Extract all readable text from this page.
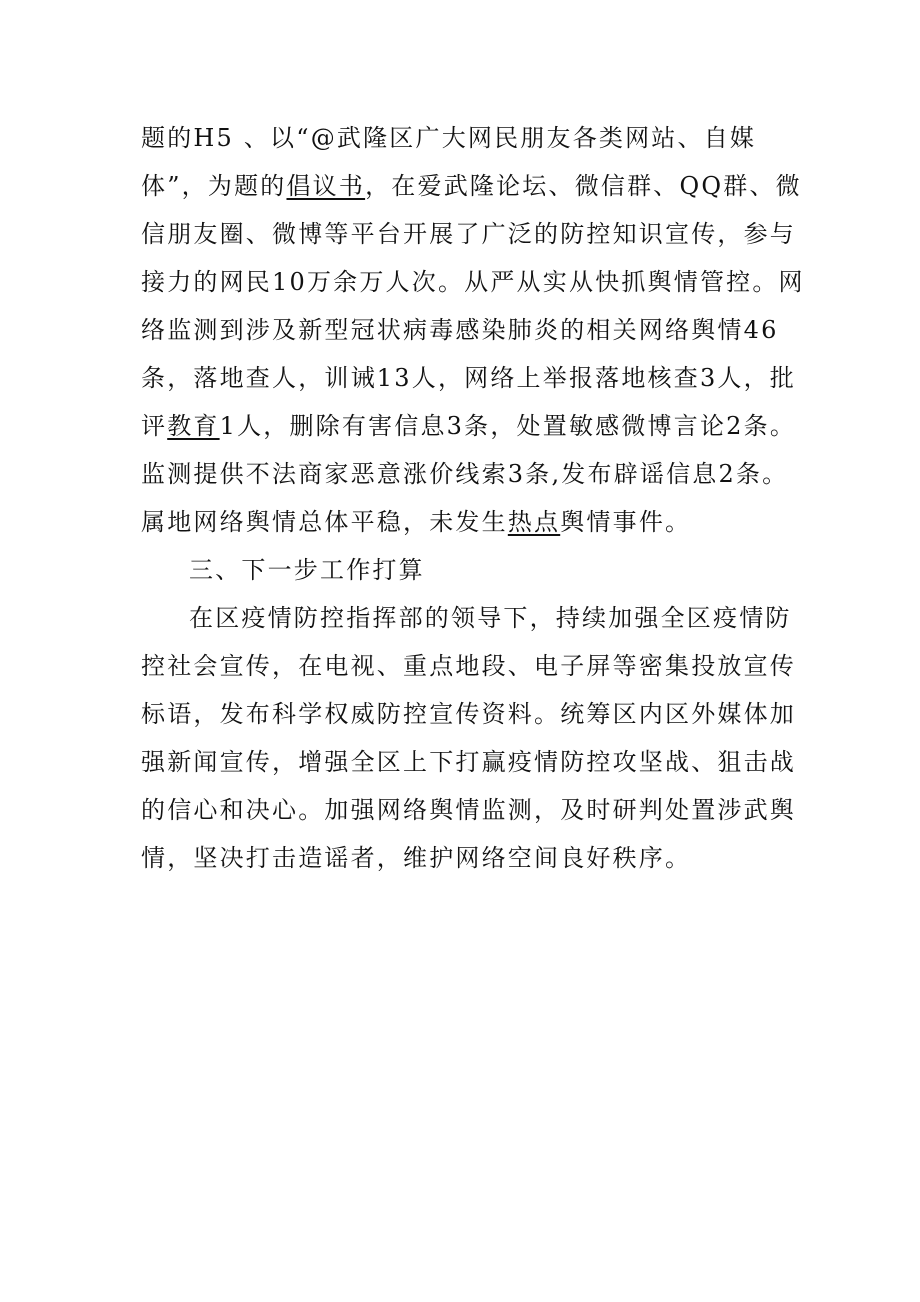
题的H5 、以“@武隆区广大网民朋友各类网站、自媒
体”，为题的倡议书，在爱武隆论坛、微信群、QQ群、微
信朋友圈、微博等平台开展了广泛的防控知识宣传，参与
接力的网民10万余万人次。从严从实从快抓舆情管控。网
络监测到涉及新型冠状病毒感染肺炎的相关网络舆情46
条，落地查人，训诫13人，网络上举报落地核查3人，批
评教育1人，删除有害信息3条，处置敏感微博言论2条。
监测提供不法商家恶意涨价线索3条,发布辟谣信息2条。
属地网络舆情总体平稳，未发生热点舆情事件。
三、下一步工作打算
在区疫情防控指挥部的领导下，持续加强全区疫情防
控社会宣传，在电视、重点地段、电子屏等密集投放宣传
标语，发布科学权威防控宣传资料。统筹区内区外媒体加
强新闻宣传，增强全区上下打赢疫情防控攻坚战、狙击战
的信心和决心。加强网络舆情监测，及时研判处置涉武舆
情，坚决打击造谣者，维护网络空间良好秩序。
